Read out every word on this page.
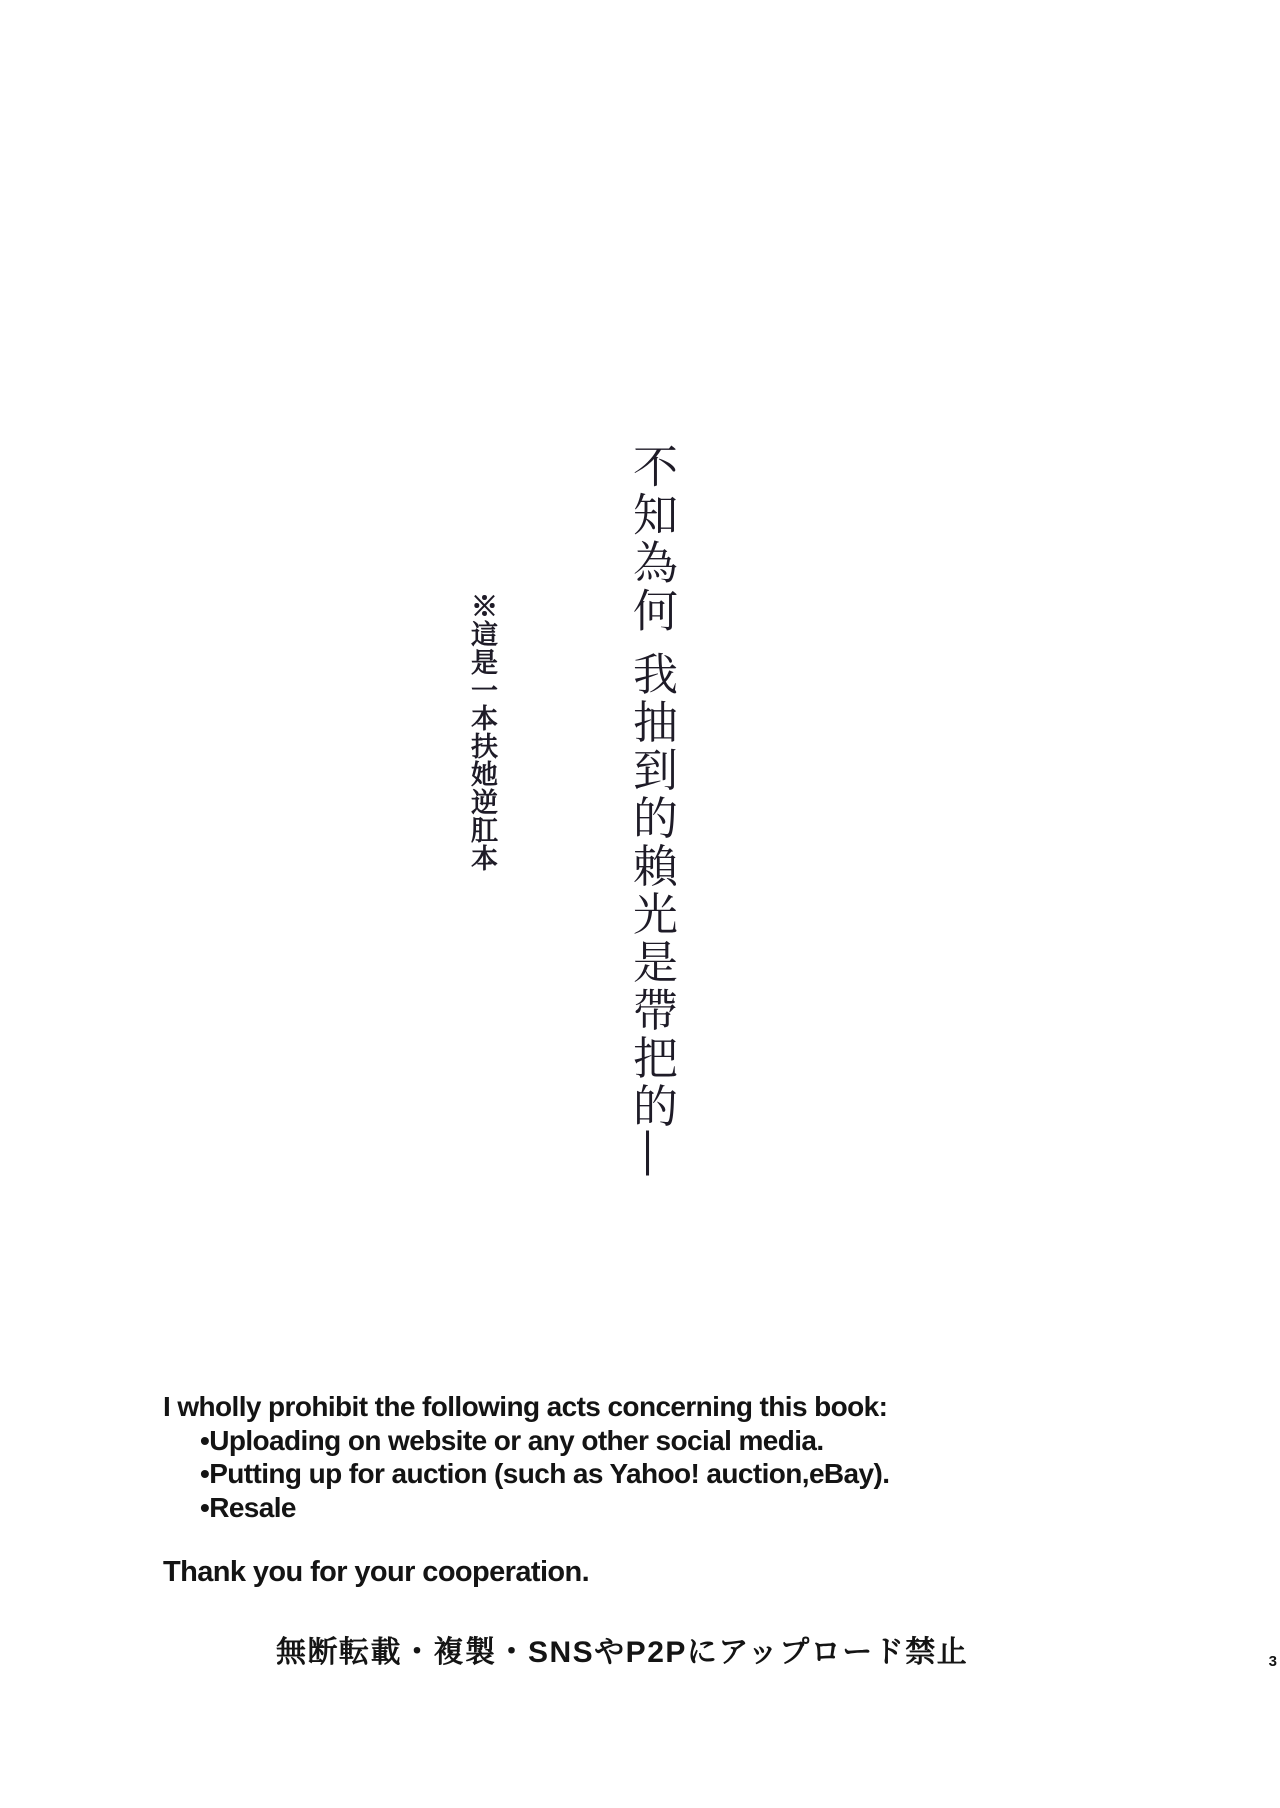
不知為何 我抽到的賴光是帶把的—
※這是一本扶她逆肛本
I wholly prohibit the following acts concerning this book:
•Uploading on website or any other social media.
•Putting up for auction (such as Yahoo! auction,eBay).
•Resale
Thank you for your cooperation.
無断転載・複製・SNSやP2Pにアップロード禁止	3
